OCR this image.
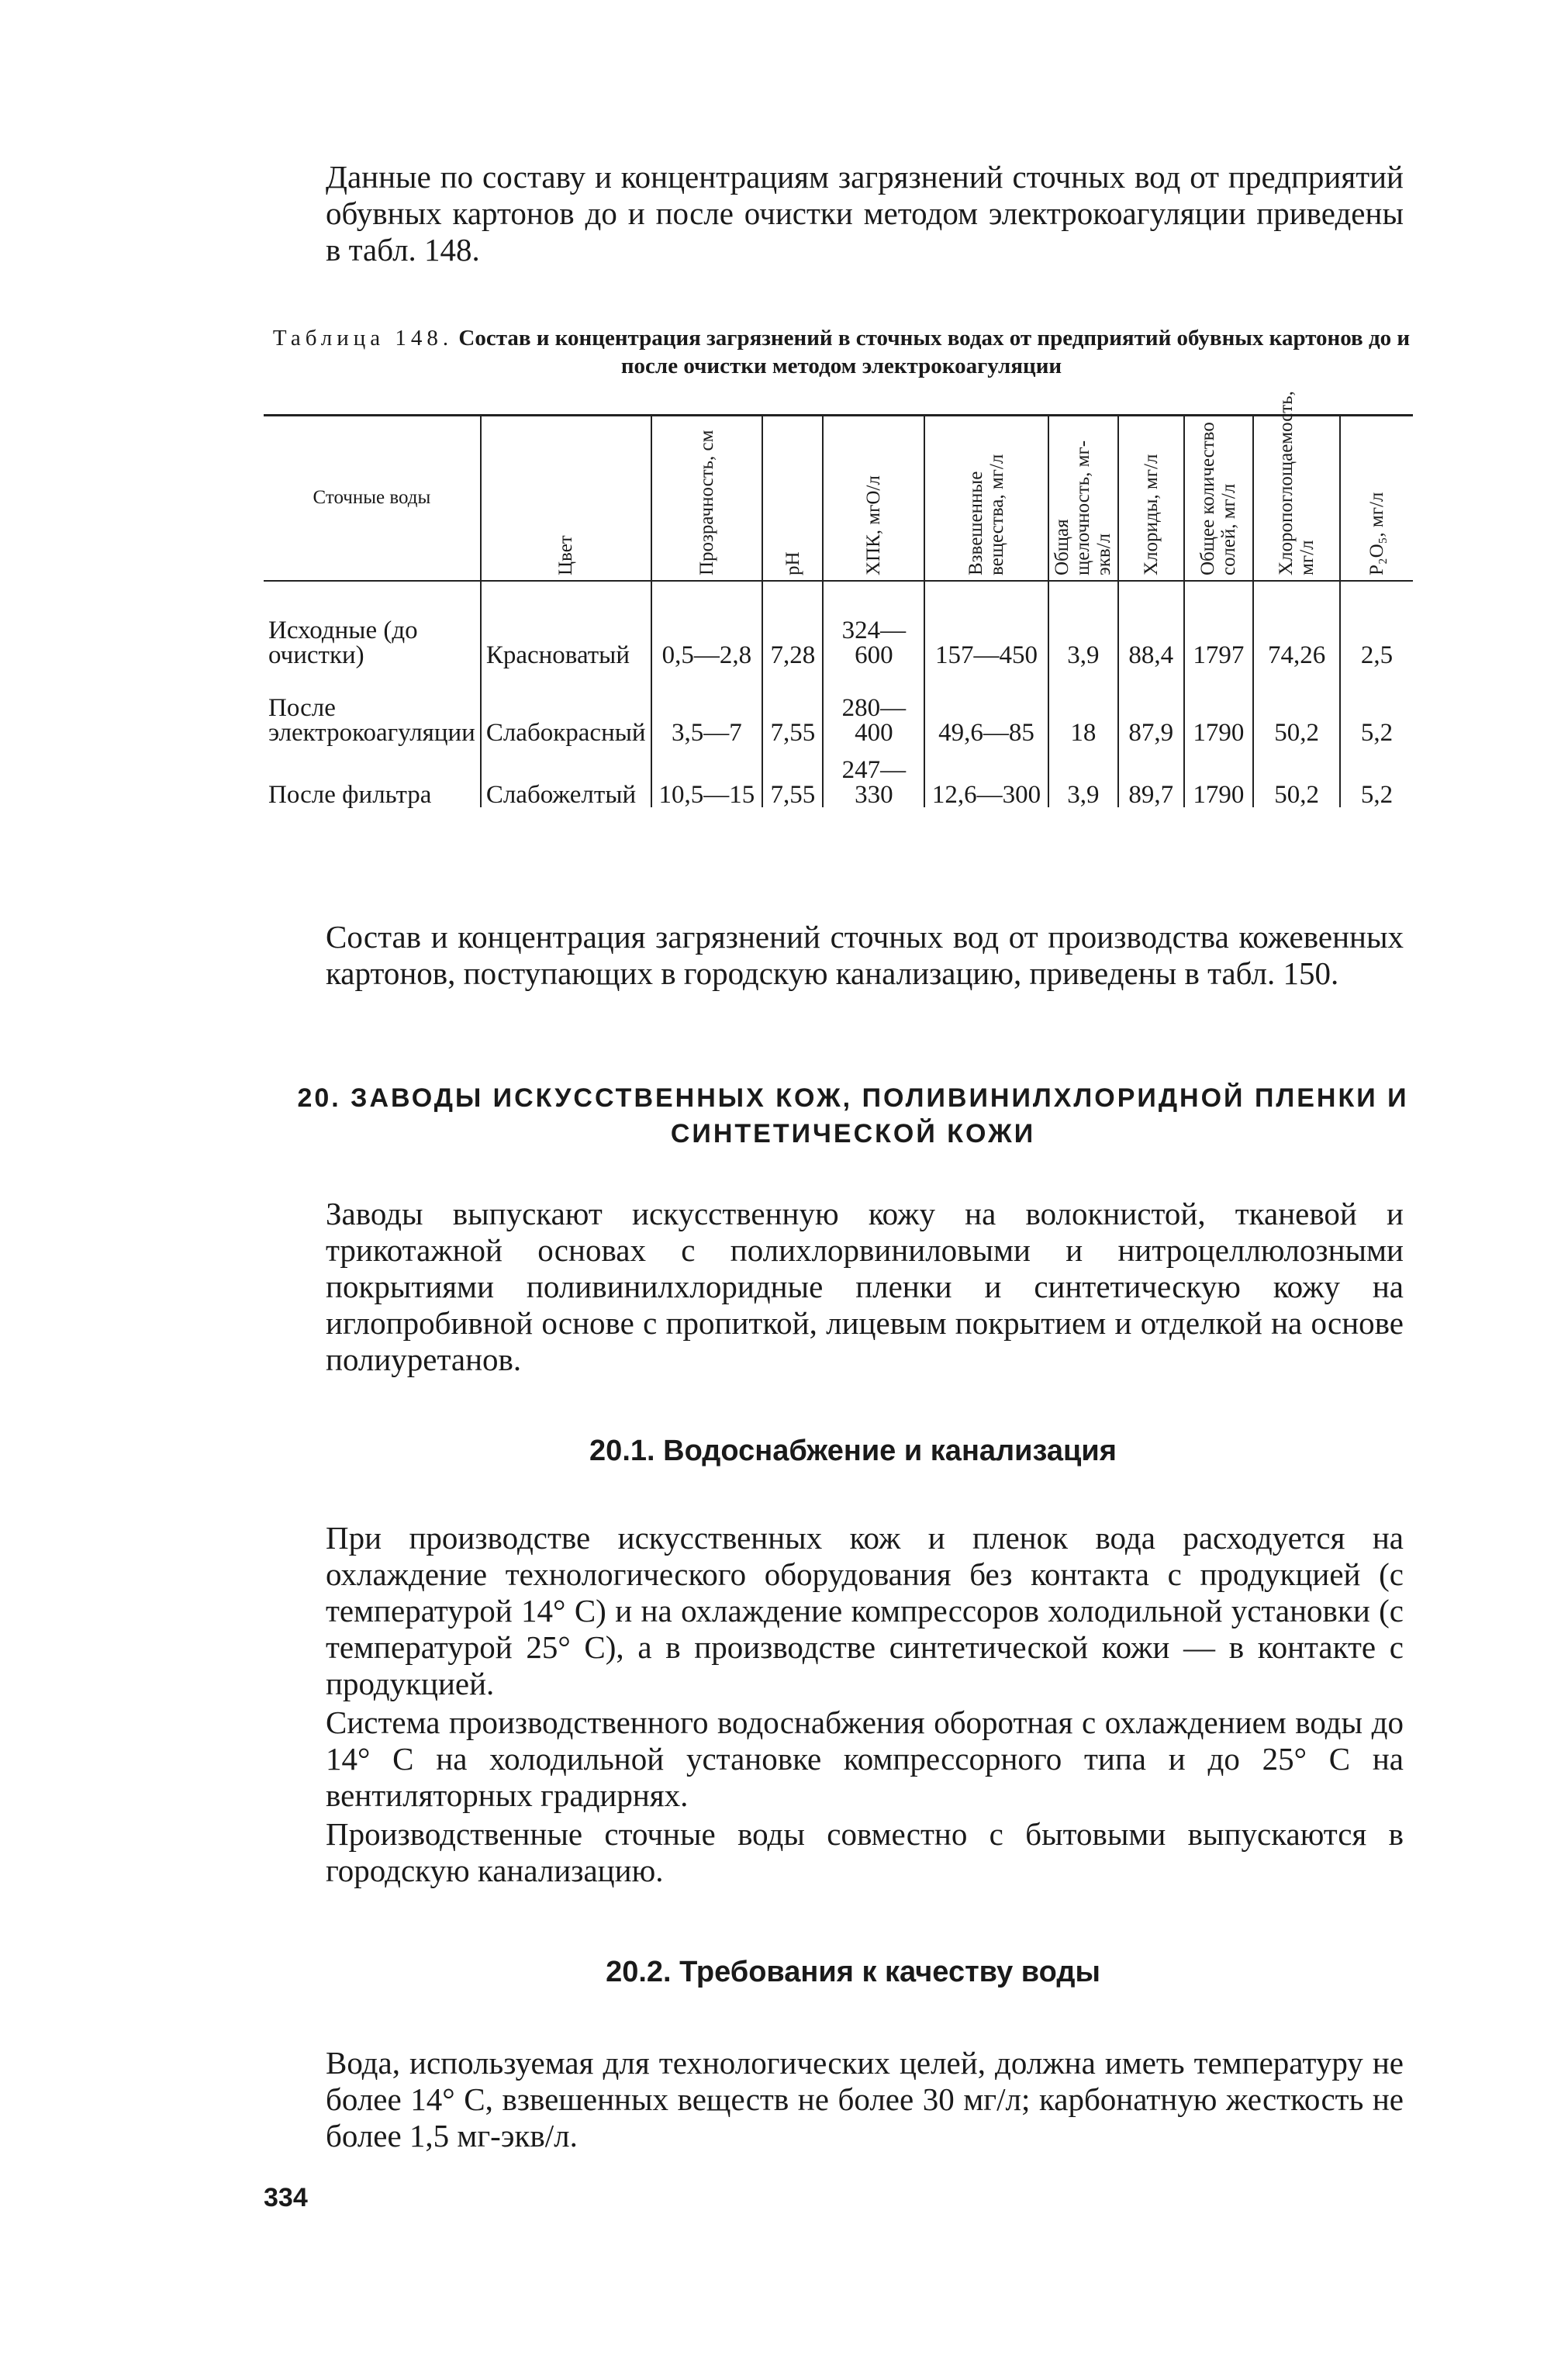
Данные по составу и концентрациям загрязнений сточных вод от предприятий обувных картонов до и после очистки методом электрокоагуляции приведены в табл. 148.

Таблица 148. Состав и концентрация загрязнений в сточных водах от предприятий обувных картонов до и после очистки методом электрокоагуляции
Сточные воды	Цвет	Прозрачность, см	pH	ХПК, мгО/л	Взвешенные вещества, мг/л	Общая щелочность, мг-экв/л	Хлориды, мг/л	Общее количество солей, мг/л	Хлоропоглощаемость, мг/л	P₂O₅, мг/л

Исходные (до очистки)	Красноватый	0,5—2,8	7,28	324—600	157—450	3,9	88,4	1797	74,26	2,5
После электрокоагуляции	Слабокрасный	3,5—7	7,55	280—400	49,6—85	18	87,9	1790	50,2	5,2
После фильтра	Слабожелтый	10,5—15	7,55	247—330	12,6—300	3,9	89,7	1790	50,2	5,2

Состав и концентрация загрязнений сточных вод от производства кожевенных картонов, поступающих в городскую канализацию, приведены в табл. 150.

20. ЗАВОДЫ ИСКУССТВЕННЫХ КОЖ, ПОЛИВИНИЛХЛОРИДНОЙ ПЛЕНКИ И СИНТЕТИЧЕСКОЙ КОЖИ

Заводы выпускают искусственную кожу на волокнистой, тканевой и трикотажной основах с полихлорвиниловыми и нитроцеллюлозными покрытиями поливинилхлоридные пленки и синтетическую кожу на иглопробивной основе с пропиткой, лицевым покрытием и отделкой на основе полиуретанов.

20.1. Водоснабжение и канализация

При производстве искусственных кож и пленок вода расходуется на охлаждение технологического оборудования без контакта с продукцией (с температурой 14° С) и на охлаждение компрессоров холодильной установки (с температурой 25° С), а в производстве синтетической кожи — в контакте с продукцией.

Система производственного водоснабжения оборотная с охлаждением воды до 14° С на холодильной установке компрессорного типа и до 25° С на вентиляторных градирнях.

Производственные сточные воды совместно с бытовыми выпускаются в городскую канализацию.

20.2. Требования к качеству воды

Вода, используемая для технологических целей, должна иметь температуру не более 14° С, взвешенных веществ не более 30 мг/л; карбонатную жесткость не более 1,5 мг-экв/л.

334
